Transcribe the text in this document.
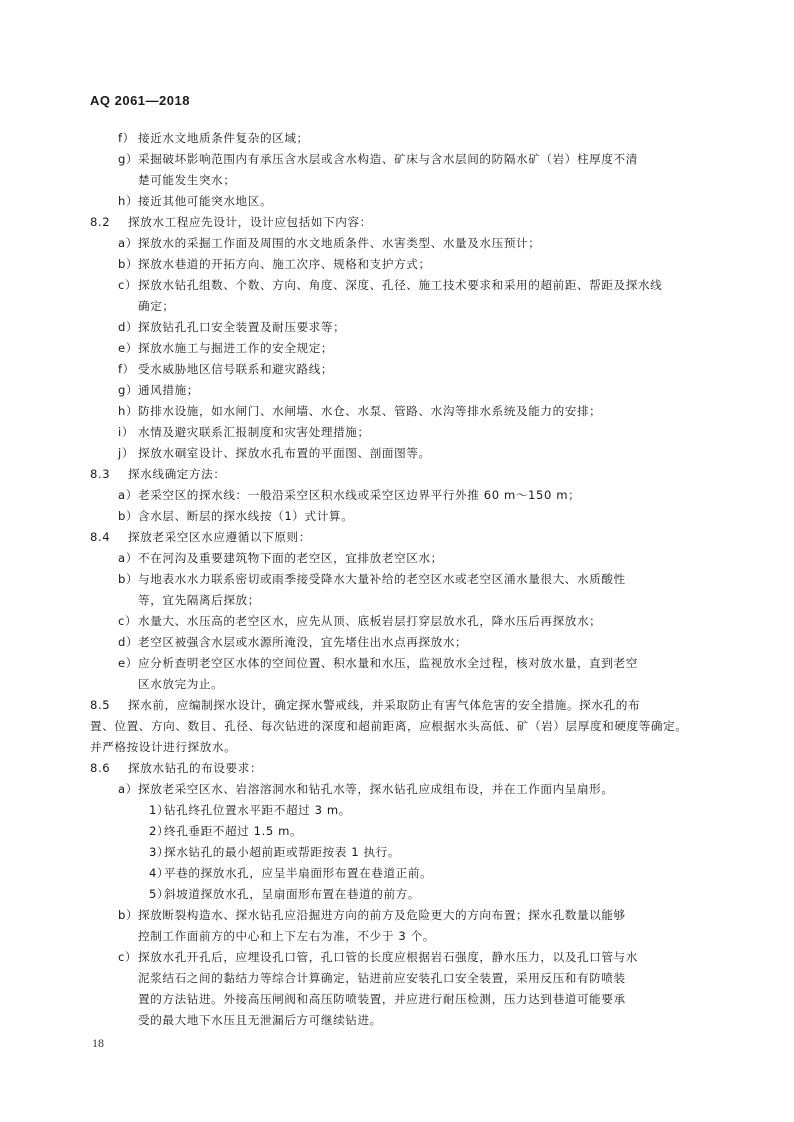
AQ 2061—2018
f） 接近水文地质条件复杂的区域；
g） 采掘破坏影响范围内有承压含水层或含水构造、矿床与含水层间的防隔水矿（岩）柱厚度不清
楚可能发生突水；
h） 接近其他可能突水地区。
8.2 探放水工程应先设计，设计应包括如下内容：
a） 探放水的采掘工作面及周围的水文地质条件、水害类型、水量及水压预计；
b） 探放水巷道的开拓方向、施工次序、规格和支护方式；
c） 探放水钻孔组数、个数、方向、角度、深度、孔径、施工技术要求和采用的超前距、帮距及探水线
确定；
d） 探放钻孔孔口安全装置及耐压要求等；
e） 探放水施工与掘进工作的安全规定；
f） 受水威胁地区信号联系和避灾路线；
g） 通风措施；
h） 防排水设施，如水闸门、水闸墙、水仓、水泵、管路、水沟等排水系统及能力的安排；
i） 水情及避灾联系汇报制度和灾害处理措施；
j） 探放水硐室设计、探放水孔布置的平面图、剖面图等。
8.3 探水线确定方法：
a） 老采空区的探水线：一般沿采空区积水线或采空区边界平行外推 60 m～150 m；
b） 含水层、断层的探水线按（1）式计算。
8.4 探放老采空区水应遵循以下原则：
a） 不在河沟及重要建筑物下面的老空区，宜排放老空区水；
b） 与地表水水力联系密切或雨季接受降水大量补给的老空区水或老空区涌水量很大、水质酸性
等，宜先隔离后探放；
c） 水量大、水压高的老空区水，应先从顶、底板岩层打穿层放水孔，降水压后再探放水；
d） 老空区被强含水层或水源所淹没，宜先堵住出水点再探放水；
e） 应分析查明老空区水体的空间位置、积水量和水压，监视放水全过程，核对放水量，直到老空
区水放完为止。
8.5 探水前，应编制探水设计，确定探水警戒线，并采取防止有害气体危害的安全措施。探水孔的布
置、位置、方向、数目、孔径、每次钻进的深度和超前距离，应根据水头高低、矿（岩）层厚度和硬度等确定。
并严格按设计进行探放水。
8.6 探放水钻孔的布设要求：
a） 探放老采空区水、岩溶溶洞水和钻孔水等，探水钻孔应成组布设，并在工作面内呈扇形。
1）
钻孔终孔位置水平距不超过 3 m。
2）
终孔垂距不超过 1.5 m。
3）
探水钻孔的最小超前距或帮距按表 1 执行。
4）
平巷的探放水孔，应呈半扇面形布置在巷道正前。
5）
斜坡道探放水孔，呈扇面形布置在巷道的前方。
b） 探放断裂构造水、探水钻孔应沿掘进方向的前方及危险更大的方向布置；探水孔数量以能够
控制工作面前方的中心和上下左右为准，不少于 3 个。
c） 探放水孔开孔后，应埋设孔口管，孔口管的长度应根据岩石强度，静水压力，以及孔口管与水
泥浆结石之间的黏结力等综合计算确定，钻进前应安装孔口安全装置，采用反压和有防喷装
置的方法钻进。外接高压闸阀和高压防喷装置，并应进行耐压检测，压力达到巷道可能要承
受的最大地下水压且无泄漏后方可继续钻进。
18
